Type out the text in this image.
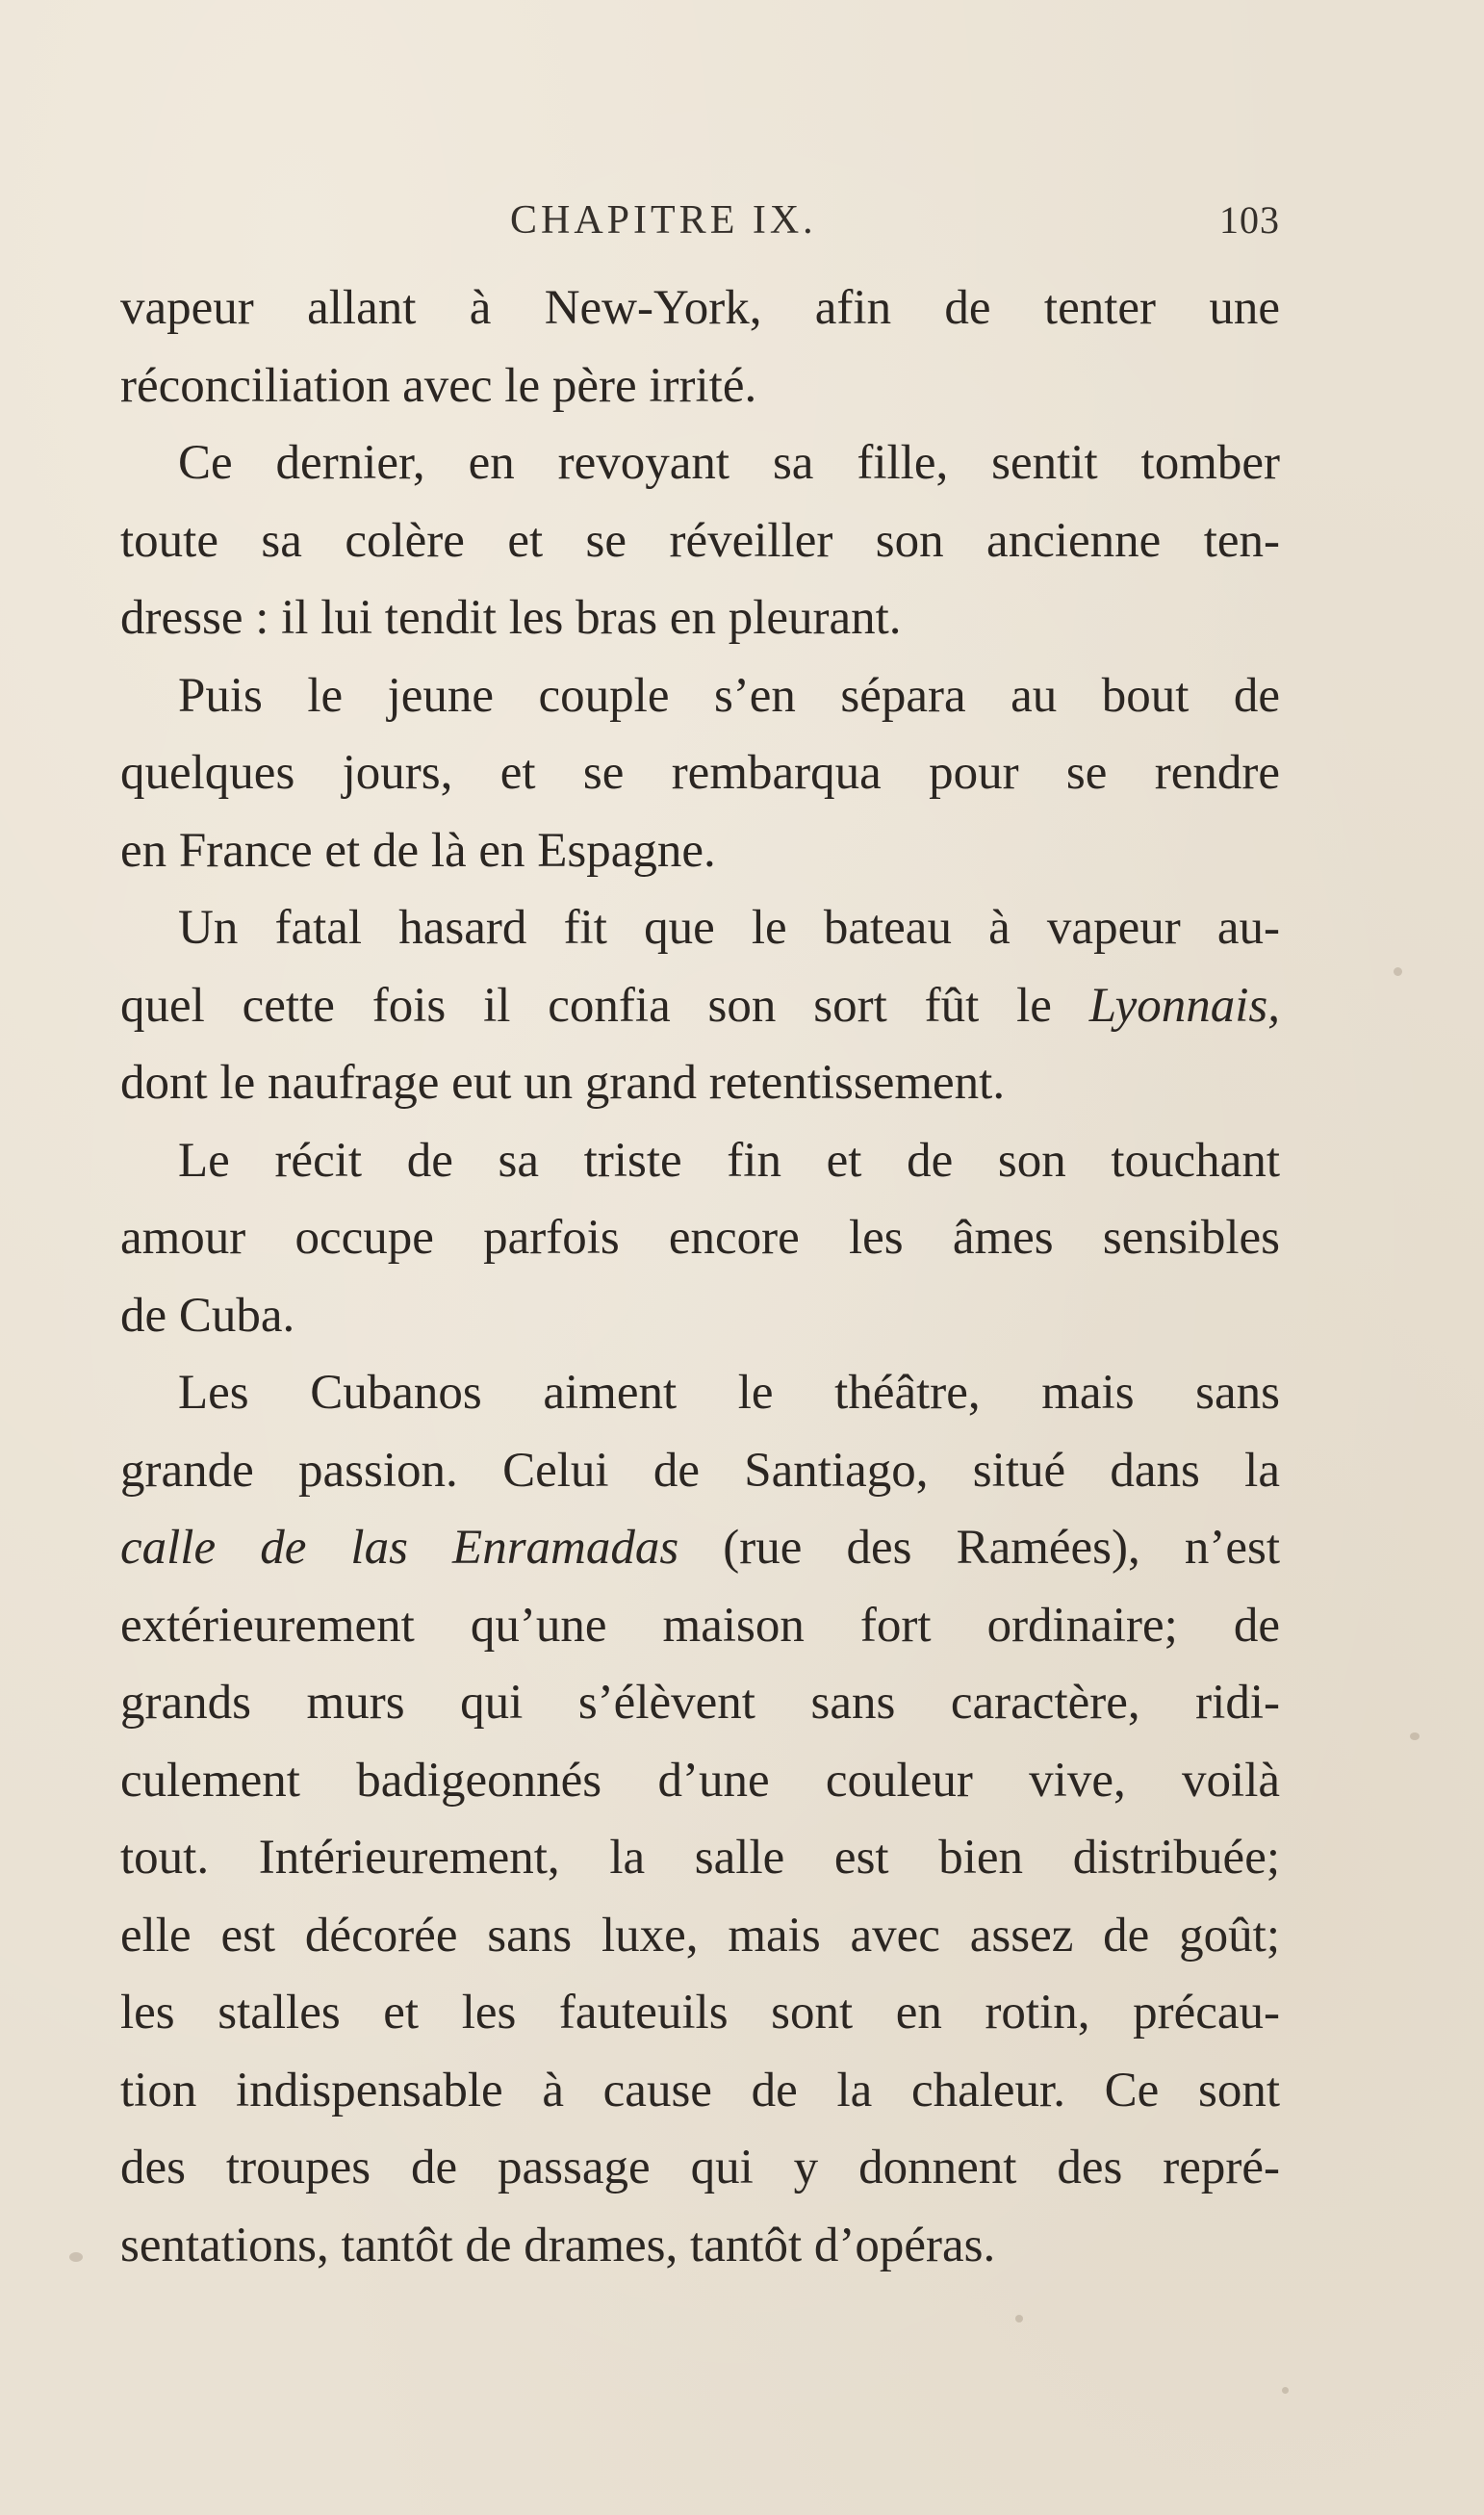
CHAPITRE IX.	103
vapeur allant à New-York, afin de tenter une
réconciliation avec le père irrité.
Ce dernier, en revoyant sa fille, sentit tomber
toute sa colère et se réveiller son ancienne ten-
dresse : il lui tendit les bras en pleurant.
Puis le jeune couple s’en sépara au bout de
quelques jours, et se rembarqua pour se rendre
en France et de là en Espagne.
Un fatal hasard fit que le bateau à vapeur au-
quel cette fois il confia son sort fût le Lyonnais,
dont le naufrage eut un grand retentissement.
Le récit de sa triste fin et de son touchant
amour occupe parfois encore les âmes sensibles
de Cuba.
Les Cubanos aiment le théâtre, mais sans
grande passion. Celui de Santiago, situé dans la
calle de las Enramadas (rue des Ramées), n’est
extérieurement qu’une maison fort ordinaire; de
grands murs qui s’élèvent sans caractère, ridi-
culement badigeonnés d’une couleur vive, voilà
tout. Intérieurement, la salle est bien distribuée;
elle est décorée sans luxe, mais avec assez de goût;
les stalles et les fauteuils sont en rotin, précau-
tion indispensable à cause de la chaleur. Ce sont
des troupes de passage qui y donnent des repré-
sentations, tantôt de drames, tantôt d’opéras.
